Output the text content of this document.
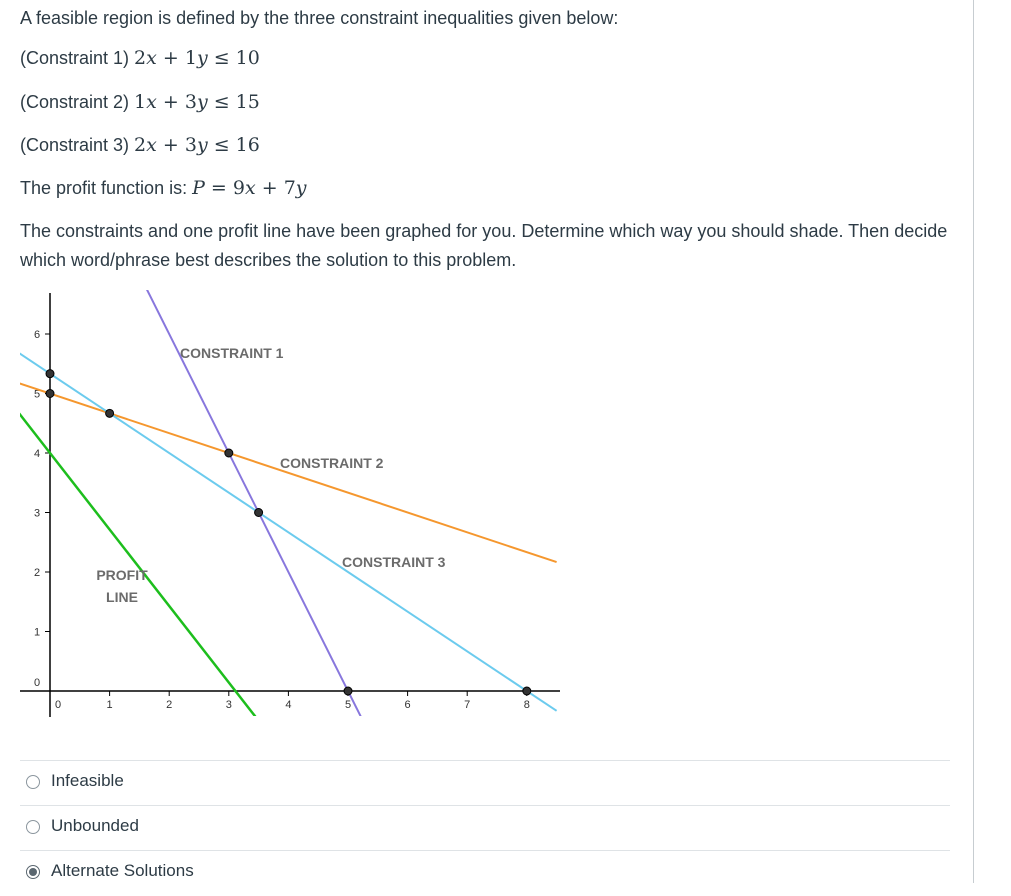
A feasible region is defined by the three constraint inequalities given below:
(Constraint 1) 2x + 1y ≤ 10
(Constraint 2) 1x + 3y ≤ 15
(Constraint 3) 2x + 3y ≤ 16
The profit function is: P = 9x + 7y
The constraints and one profit line have been graphed for you. Determine which way you should shade. Then decide which word/phrase best describes the solution to this problem.
0	1	2	3	4	5	6	7	8
0
1
2
3
4
5
6
CONSTRAINT 1
CONSTRAINT 2
CONSTRAINT 3
PROFIT
LINE
Infeasible
Unbounded
Alternate Solutions
